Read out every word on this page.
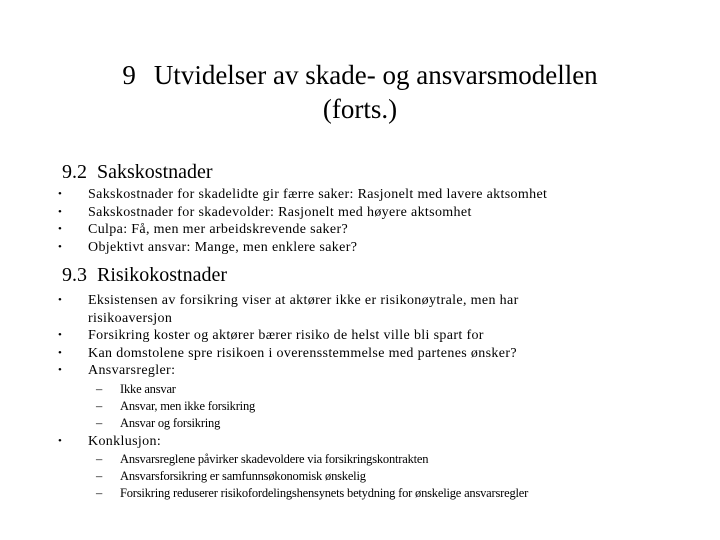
9 Utvidelser av skade- og ansvarsmodellen
(forts.)
9.2 Sakskostnader
• Sakskostnader for skadelidte gir færre saker: Rasjonelt med lavere aktsomhet
• Sakskostnader for skadevolder: Rasjonelt med høyere aktsomhet
• Culpa: Få, men mer arbeidskrevende saker?
• Objektivt ansvar: Mange, men enklere saker?
9.3 Risikokostnader
• Eksistensen av forsikring viser at aktører ikke er risikonøytrale, men har risikoaversjon
• Forsikring koster og aktører bærer risiko de helst ville bli spart for
• Kan domstolene spre risikoen i overensstemmelse med partenes ønsker?
• Ansvarsregler:
– Ikke ansvar
– Ansvar, men ikke forsikring
– Ansvar og forsikring
• Konklusjon:
– Ansvarsreglene påvirker skadevoldere via forsikringskontrakten
– Ansvarsforsikring er samfunnsøkonomisk ønskelig
– Forsikring reduserer risikofordelingshensynets betydning for ønskelige ansvarsregler
